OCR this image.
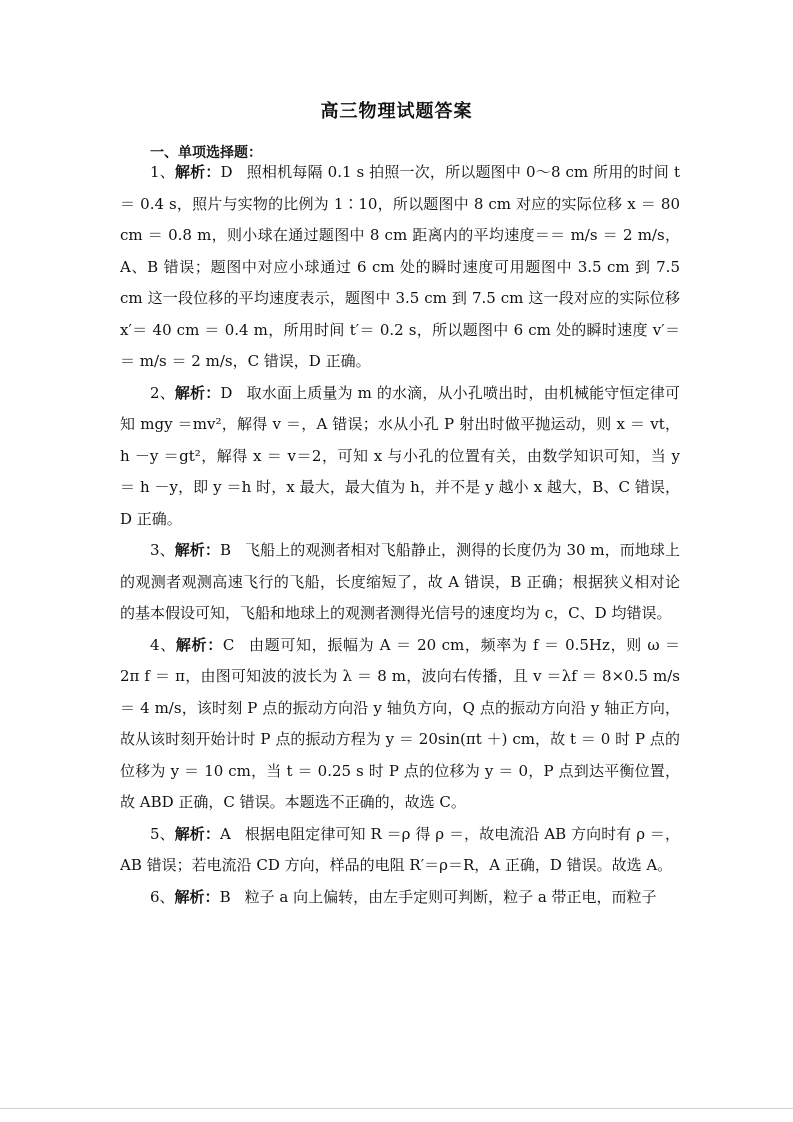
高三物理试题答案
一、单项选择题：

1、解析：D 照相机每隔 0.1 s 拍照一次，所以题图中 0～8 cm 所用的时间 t ＝ 0.4 s，照片与实物的比例为 1∶10，所以题图中 8 cm 对应的实际位移 x ＝ 80 cm ＝ 0.8 m，则小球在通过题图中 8 cm 距离内的平均速度＝＝ m/s ＝ 2 m/s，A、B 错误；题图中对应小球通过 6 cm 处的瞬时速度可用题图中 3.5 cm 到 7.5 cm 这一段位移的平均速度表示，题图中 3.5 cm 到 7.5 cm 这一段对应的实际位移 x′＝ 40 cm ＝ 0.4 m，所用时间 t′＝ 0.2 s，所以题图中 6 cm 处的瞬时速度 v′＝＝ m/s ＝ 2 m/s，C 错误，D 正确。

2、解析：D 取水面上质量为 m 的水滴，从小孔喷出时，由机械能守恒定律可知 mgy ＝mv²，解得 v ＝，A 错误；水从小孔 P 射出时做平抛运动，则 x ＝ vt，h －y ＝gt²，解得 x ＝ v＝2，可知 x 与小孔的位置有关，由数学知识可知，当 y ＝ h －y，即 y ＝h 时，x 最大，最大值为 h，并不是 y 越小 x 越大，B、C 错误，D 正确。

3、解析：B 飞船上的观测者相对飞船静止，测得的长度仍为 30 m，而地球上的观测者观测高速飞行的飞船，长度缩短了，故 A 错误，B 正确；根据狭义相对论的基本假设可知，飞船和地球上的观测者测得光信号的速度均为 c，C、D 均错误。

4、解析：C 由题可知，振幅为 A ＝ 20 cm，频率为 f ＝ 0.5Hz，则 ω ＝ 2π f ＝ π，由图可知波的波长为 λ ＝ 8 m，波向右传播，且 v ＝λf ＝ 8×0.5 m/s ＝ 4 m/s，该时刻 P 点的振动方向沿 y 轴负方向，Q 点的振动方向沿 y 轴正方向，故从该时刻开始计时 P 点的振动方程为 y ＝ 20sin(πt ＋) cm，故 t ＝ 0 时 P 点的位移为 y ＝ 10 cm，当 t ＝ 0.25 s 时 P 点的位移为 y ＝ 0，P 点到达平衡位置，故 ABD 正确，C 错误。本题选不正确的，故选 C。

5、解析：A 根据电阻定律可知 R ＝ρ 得 ρ ＝，故电流沿 AB 方向时有 ρ ＝，AB 错误；若电流沿 CD 方向，样品的电阻 R′＝ρ＝R，A 正确，D 错误。故选 A。

6、解析：B 粒子 a 向上偏转，由左手定则可判断，粒子 a 带正电，而粒子
